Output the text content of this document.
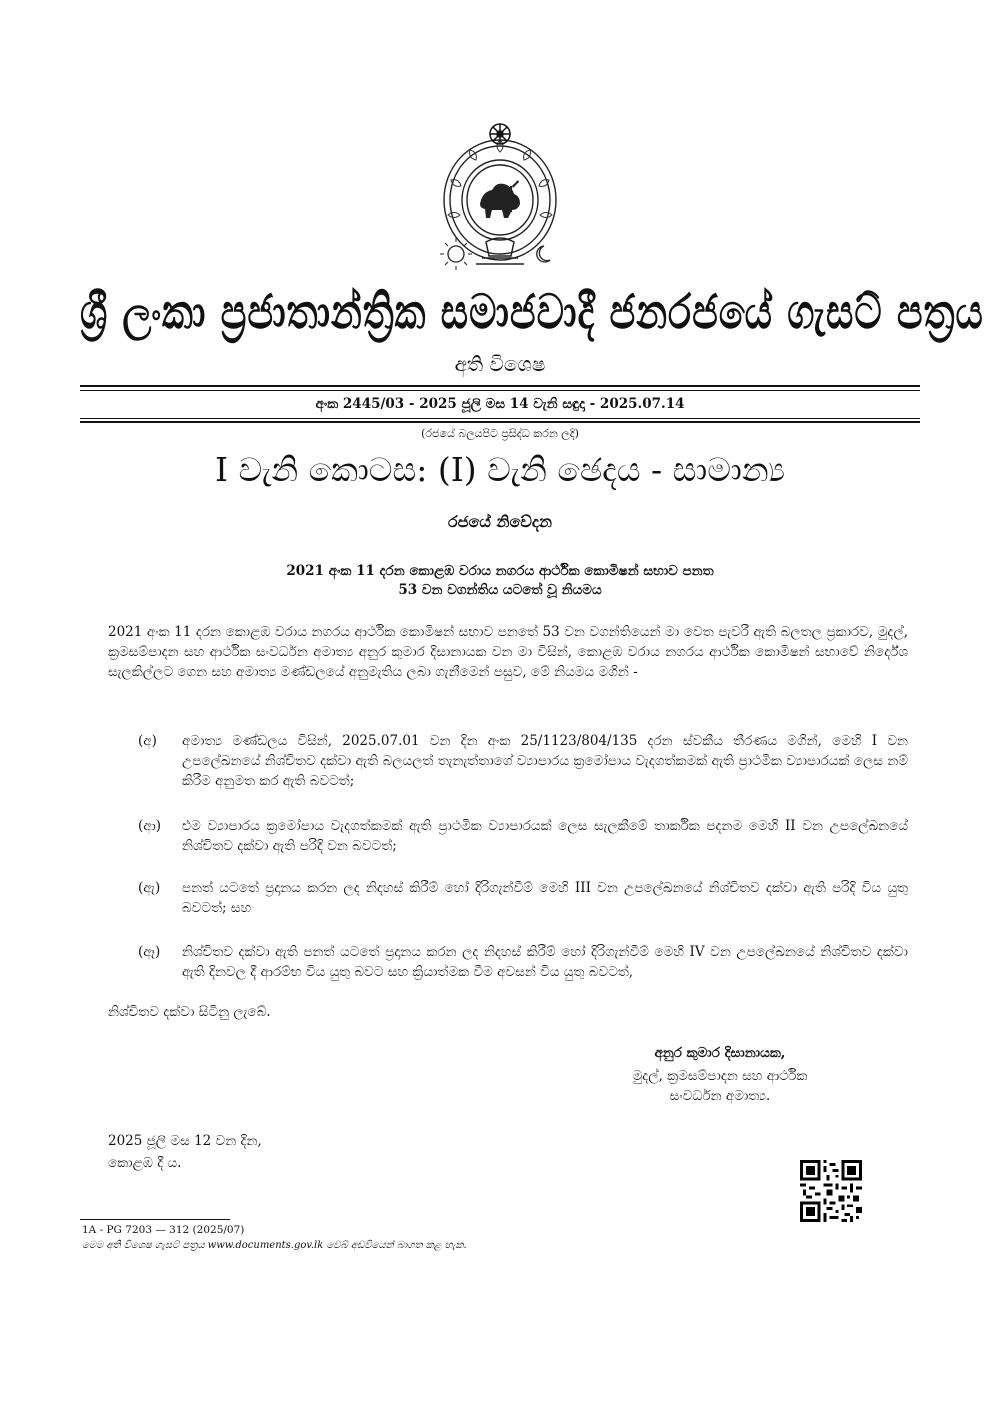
ශ්‍රී ලංකා ප්‍රජාතාන්ත්‍රික සමාජවාදී ජනරජයේ ගැසට් පත්‍රය
අති විශෙෂ
අංක 2445/03 - 2025 ජූලි මස 14 වැනි සඳුදා - 2025.07.14
(රජයේ බලයපිට ප්‍රසිද්ධ කරන ලදි)
I වැනි කොටස: (I) වැනි ඡෙදය - සාමාන්‍ය
රජයේ නිවේදන
2021 අංක 11 දරන කොළඹ වරාය නගරය ආර්ථික කොමිෂන් සභාව පනත
53 වන වගන්තිය යටතේ වූ නියමය
2021 අංක 11 දරන කොළඹ වරාය නගරය ආර්ථික කොමිෂන් සභාව පනතේ 53 වන වගන්තියෙන් මා වෙත පැවරී ඇති බලතල ප්‍රකාරව, මුදල්, ක්‍රමසම්පාදන සහ ආර්ථික සංවර්ධන අමාත්‍ය අනුර කුමාර දිසානායක වන මා විසින්, කොළඹ වරාය නගරය ආර්ථික කොමිෂන් සභාවේ නිර්දේශ සැලකිල්ලට ගෙන සහ අමාත්‍ය මණ්ඩලයේ අනුමැතිය ලබා ගැනීමෙන් පසුව, මේ නියමය මගින් -
(අ)	අමාත්‍ය මණ්ඩලය විසින්, 2025.07.01 වන දින අංක 25/1123/804/135 දරන ස්වකීය තීරණය මගින්, මෙහි I වන උපලේඛනයේ නිශ්චිතව දක්වා ඇති බලයලත් තැනැත්තාගේ ව්‍යාපාරය ක්‍රමෝපාය වැදගත්කමක් ඇති ප්‍රාථමික ව්‍යාපාරයක් ලෙස නම් කිරීම අනුමත කර ඇති බවටත්;
(ආ)	එම ව්‍යාපාරය ක්‍රමෝපාය වැදගත්කමක් ඇති ප්‍රාථමික ව්‍යාපාරයක් ලෙස සැලකීමේ තාර්කික පදනම මෙහි II වන උපලේඛනයේ නිශ්චිතව දක්වා ඇති පරිදි වන බවටත්;
(ඇ)	පනත් යටතේ ප්‍රදානය කරන ලද නිදහස් කිරීම් හෝ දිරිගැන්වීම් මෙහි III වන උපලේඛනයේ නිශ්චිතව දක්වා ඇති පරිදි විය යුතු බවටත්; සහ
(ඈ)	නිශ්චිතව දක්වා ඇති පනත් යටතේ ප්‍රදානය කරන ලද නිදහස් කිරීම් හෝ දිරිගැන්වීම් මෙහි IV වන උපලේඛනයේ නිශ්චිතව දක්වා ඇති දිනවල දී ආරම්භ විය යුතු බවට සහ ක්‍රියාත්මක වීම අවසන් විය යුතු බවටත්,
නිශ්චිතව දක්වා සිටිනු ලැබේ.
අනුර කුමාර දිසානායක,
මුදල්, ක්‍රමසම්පාදන සහ ආර්ථික
සංවර්ධන අමාත්‍ය.
2025 ජූලි මස 12 වන දින,
කොළඹ දී ය.
1A - PG 7203 — 312 (2025/07)
මෙම අති විශෙෂ ගැසට් පත්‍රය www.documents.gov.lk වෙබ් අඩවියෙන් බාගත කළ හැක.
